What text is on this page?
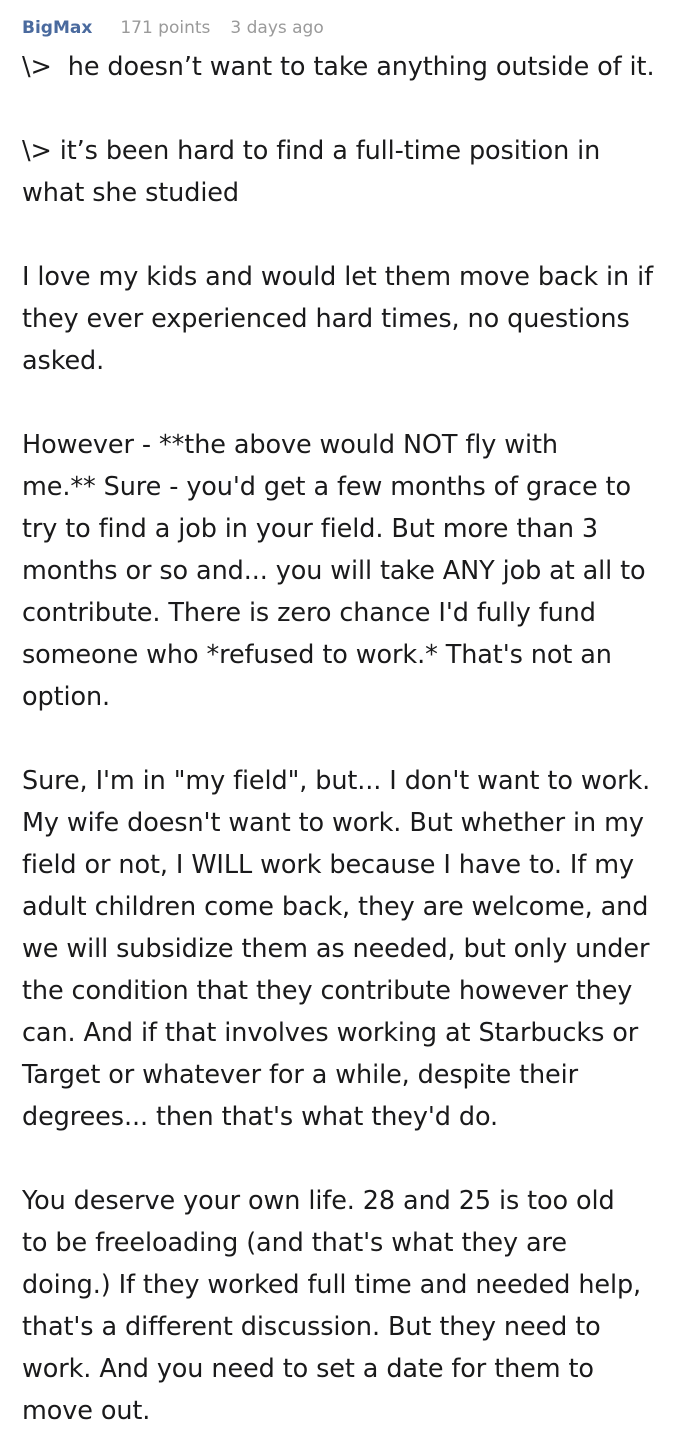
BigMax 171 points 3 days ago

\>  he doesn’t want to take anything outside of it.

\> it’s been hard to find a full-time position in
what she studied

I love my kids and would let them move back in if
they ever experienced hard times, no questions
asked.

However - **the above would NOT fly with
me.** Sure - you'd get a few months of grace to
try to find a job in your field. But more than 3
months or so and... you will take ANY job at all to
contribute. There is zero chance I'd fully fund
someone who *refused to work.* That's not an
option.

Sure, I'm in "my field", but... I don't want to work.
My wife doesn't want to work. But whether in my
field or not, I WILL work because I have to. If my
adult children come back, they are welcome, and
we will subsidize them as needed, but only under
the condition that they contribute however they
can. And if that involves working at Starbucks or
Target or whatever for a while, despite their
degrees... then that's what they'd do.

You deserve your own life. 28 and 25 is too old
to be freeloading (and that's what they are
doing.) If they worked full time and needed help,
that's a different discussion. But they need to
work. And you need to set a date for them to
move out.
